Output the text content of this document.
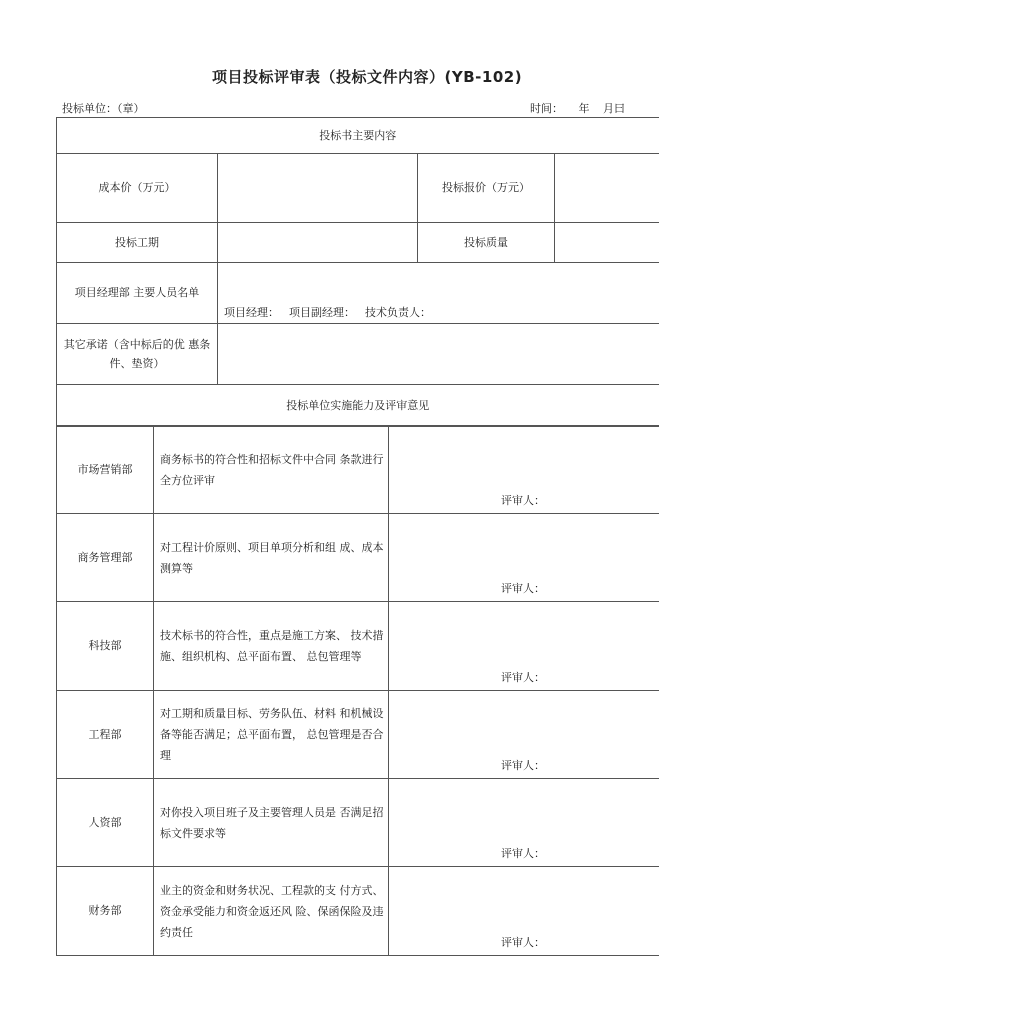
项目投标评审表（投标文件内容）(YB-102)
投标单位：（章）	时间： 年 月曰
投标书主要内容			
成本价（万元）		投标报价（万元）	
投标工期		投标质量	
项目经理部 主要人员名单	项目经理： 项目副经理： 技术负责人：		
其它承诺（含中标后的优 惠条件、垫资）			
投标单位实施能力及评审意见			
市场营销部	商务标书的符合性和招标文件中合同 条款进行全方位评审	评审人：

商务管理部	对工程计价原则、项目单项分析和组 成、成本测算等	评审人：

科技部	技术标书的符合性，重点是施工方案、 技术措施、组织机构、总平面布置、 总包管理等	评审人：

工程部	对工期和质量目标、劳务队伍、材料 和机械设备等能否满足；总平面布置， 总包管理是否合理	评审人：

人资部	对你投入项目班子及主要管理人员是 否满足招标文件要求等	评审人：

财务部	业主的资金和财务状况、工程款的支 付方式、资金承受能力和资金返还风 险、保函保险及违约责任	评审人：
